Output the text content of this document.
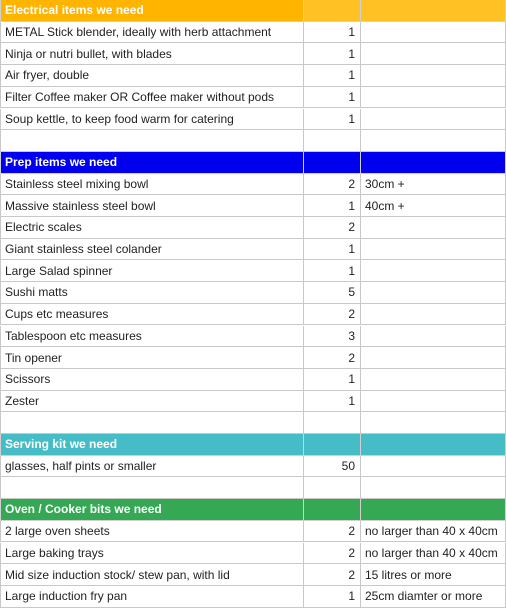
Electrical items we need
METAL Stick blender, ideally with herb attachment	1
Ninja or nutri bullet, with blades	1
Air fryer, double	1
Filter Coffee maker OR Coffee maker without pods	1
Soup kettle, to keep food warm for catering	1
Prep items we need
Stainless steel mixing bowl	2 30cm +
Massive stainless steel bowl	1 40cm +
Electric scales	2
Giant stainless steel colander	1
Large Salad spinner	1
Sushi matts	5
Cups etc measures	2
Tablespoon etc measures	3
Tin opener	2
Scissors	1
Zester	1
Serving kit we need
glasses, half pints or smaller	50
Oven / Cooker bits we need
2 large oven sheets	2 no larger than 40 x 40cm
Large baking trays	2 no larger than 40 x 40cm
Mid size induction stock/ stew pan, with lid	2 15 litres or more
Large induction fry pan	1 25cm diamter or more
